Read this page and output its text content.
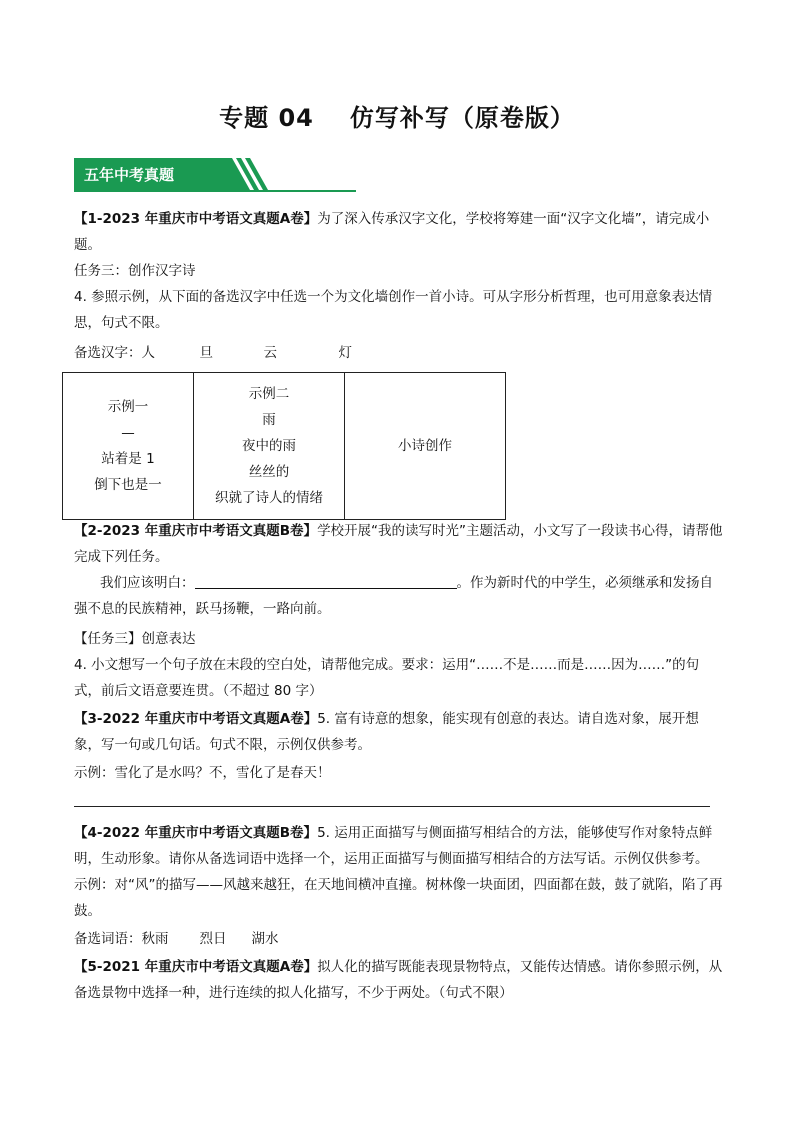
专题 04 仿写补写（原卷版）
五年中考真题
【1-2023 年重庆市中考语文真题A卷】为了深入传承汉字文化，学校将筹建一面“汉字文化墙”，请完成小题。
任务三：创作汉字诗
4. 参照示例，从下面的备选汉字中任选一个为文化墙创作一首小诗。可从字形分析哲理，也可用意象表达情思，句式不限。
备选汉字：人	旦	云	灯
示例一
—
站着是 1
倒下也是一

示例二
雨
夜中的雨
丝丝的
织就了诗人的情绪

小诗创作
【2-2023 年重庆市中考语文真题B卷】学校开展“我的读写时光”主题活动，小文写了一段读书心得，请帮他完成下列任务。
我们应该明白：	。作为新时代的中学生，必须继承和发扬自强不息的民族精神，跃马扬鞭，一路向前。
【任务三】创意表达
4. 小文想写一个句子放在末段的空白处，请帮他完成。要求：运用“……不是……而是……因为……”的句式，前后文语意要连贯。（不超过 80 字）
【3-2022 年重庆市中考语文真题A卷】5. 富有诗意的想象，能实现有创意的表达。请自选对象，展开想象，写一句或几句话。句式不限，示例仅供参考。
示例：雪化了是水吗？不，雪化了是春天！
【4-2022 年重庆市中考语文真题B卷】5. 运用正面描写与侧面描写相结合的方法，能够使写作对象特点鲜明，生动形象。请你从备选词语中选择一个，运用正面描写与侧面描写相结合的方法写话。示例仅供参考。
示例：对“风”的描写——风越来越狂，在天地间横冲直撞。树林像一块面团，四面都在鼓，鼓了就陷，陷了再鼓。
备选词语：秋雨 烈日 湖水
【5-2021 年重庆市中考语文真题A卷】拟人化的描写既能表现景物特点，又能传达情感。请你参照示例，从备选景物中选择一种，进行连续的拟人化描写，不少于两处。（句式不限）
